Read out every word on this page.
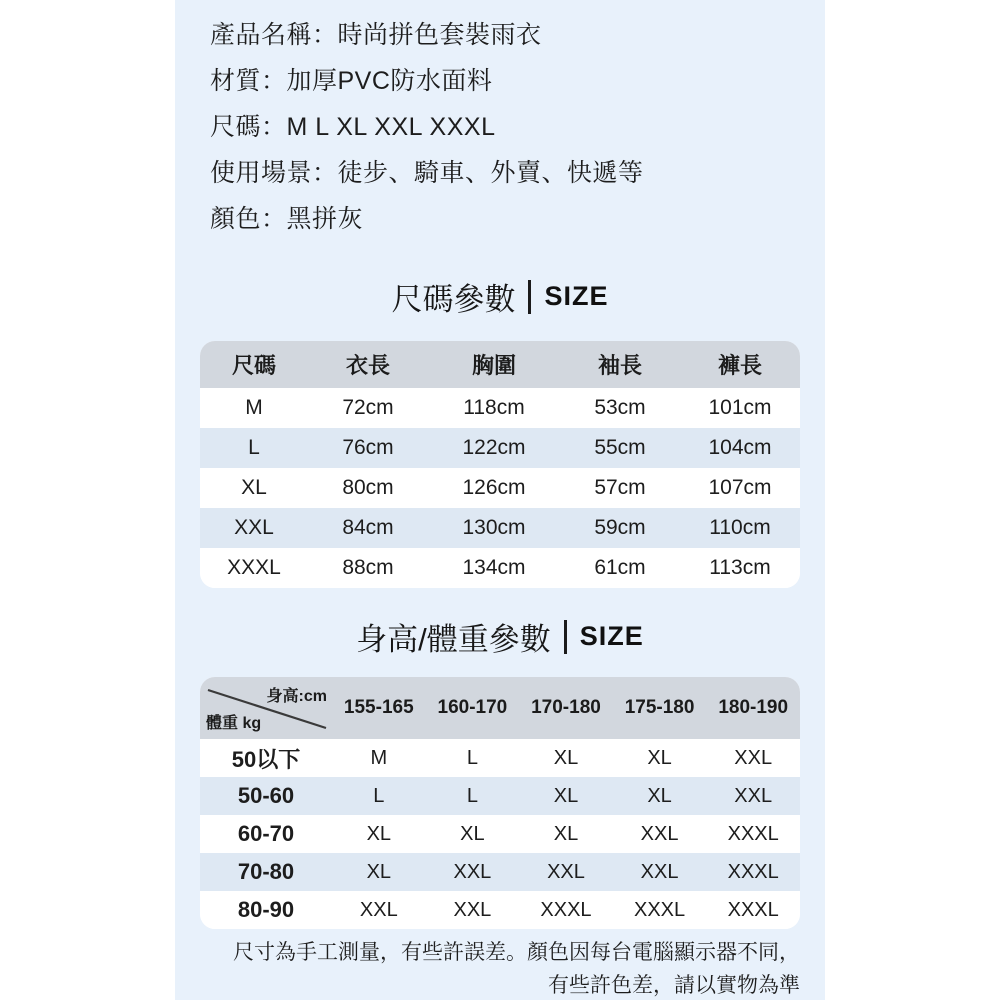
產品名稱：時尚拼色套裝雨衣

材質：加厚PVC防水面料

尺碼：M L XL XXL XXXL

使用場景：徒步、騎車、外賣、快遞等

顏色：黑拼灰

尺碼參數 SIZE
尺碼	衣長	胸圍	袖長	褲長
M	72cm	118cm	53cm	101cm
L	76cm	122cm	55cm	104cm
XL	80cm	126cm	57cm	107cm
XXL	84cm	130cm	59cm	110cm
XXXL	88cm	134cm	61cm	113cm
身高/體重參數 SIZE
身高:cm
體重 kg	155-165	160-170	170-180	175-180	180-190
50以下	M	L	XL	XL	XXL
50-60	L	L	XL	XL	XXL
60-70	XL	XL	XL	XXL	XXXL
70-80	XL	XXL	XXL	XXL	XXXL
80-90	XXL	XXL	XXXL	XXXL	XXXL

尺寸為手工測量，有些許誤差。顏色因每台電腦顯示器不同，

有些許色差，請以實物為準
